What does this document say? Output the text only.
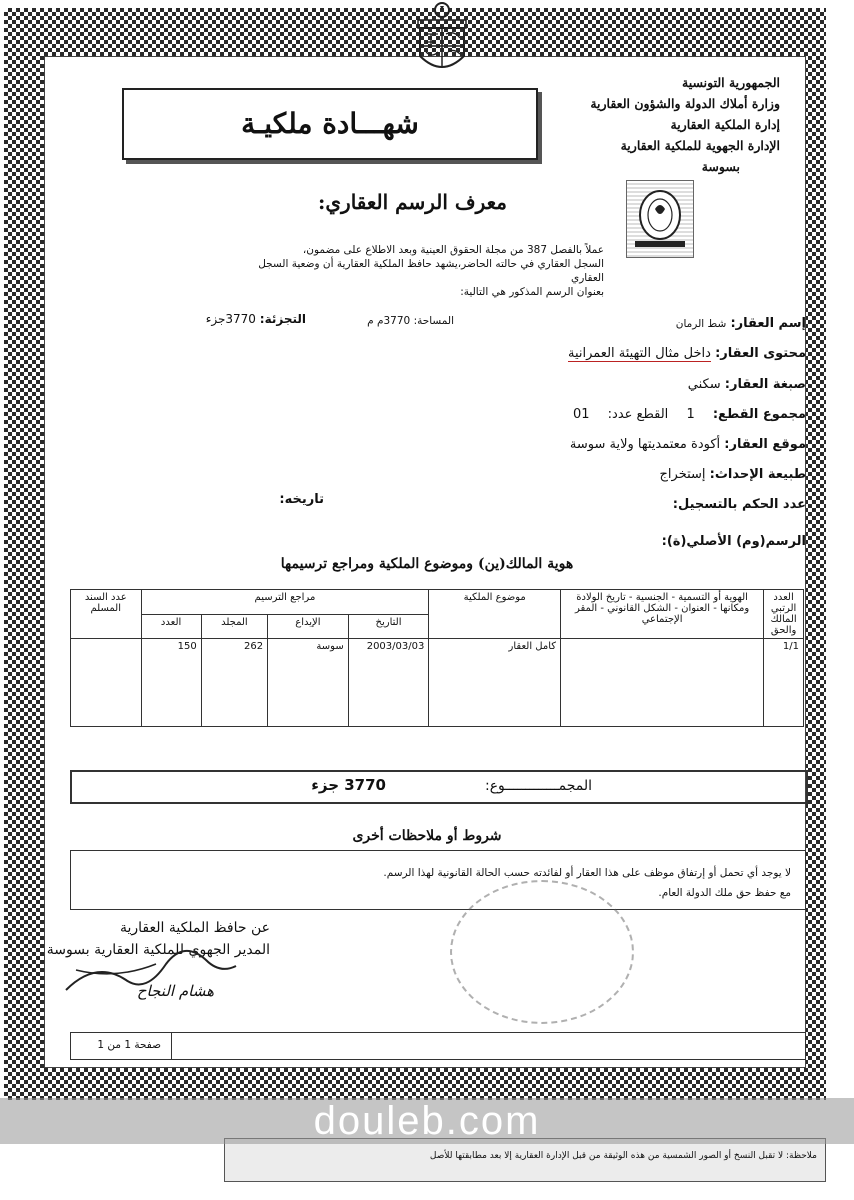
الجمهورية التونسية
وزارة أملاك الدولة والشؤون العقارية
إدارة الملكية العقارية
الإدارة الجهوية للملكية العقارية
بسوسة
شهـــادة ملكيـة
معرف الرسم العقاري:
عملاً بالفصل 387 من مجلة الحقوق العينية وبعد الاطلاع على مضمون،
السجل العقاري في حالته الحاضر،يشهد حافظ الملكية العقارية أن وضعية السجل العقاري
بعنوان الرسم المذكور هي التالية:
المساحة: 3770م م
التجزئة: 3770جزء	إسم العقار: شط الرمان
محتوى العقار: داخل مثال التهيئة العمرانية
صبغة العقار: سكني
مجموع القطع: 1 القطع عدد: 01
موقع العقار: أكودة معتمديتها ولاية سوسة
طبيعة الإحداث: إستخراج
تاريخه:	عدد الحكم بالتسجيل:
الرسم(وم) الأصلي(ة):
هوية المالك(ين) وموضوع الملكية ومراجع ترسيمها
العدد الرتبي المالك والحق	الهوية أو التسمية - الجنسية - تاريخ الولادة ومكانها - العنوان - الشكل القانوني - المقر الإجتماعي	موضوع الملكية	مراجع الترسيم				عدد السند المسلم
			التاريخ	الإيداع	المجلد	العدد	
1/1		كامل العقار	2003/03/03	سوسة	262	150	
المجمـــــــــــــوع:
3770 جزء
شروط أو ملاحظات أخرى
لا يوجد أي تحمل أو إرتفاق موظف على هذا العقار أو لفائدته حسب الحالة القانونية لهذا الرسم.
مع حفظ حق ملك الدولة العام.
عن حافظ الملكية العقارية
المدير الجهوي للملكية العقارية بسوسة
هشام النجاح
صفحة 1 من 1
ملاحظة: لا تقبل النسخ أو الصور الشمسية من هذه الوثيقة من قبل الإدارة العقارية إلا بعد مطابقتها للأصل
douleb.com
